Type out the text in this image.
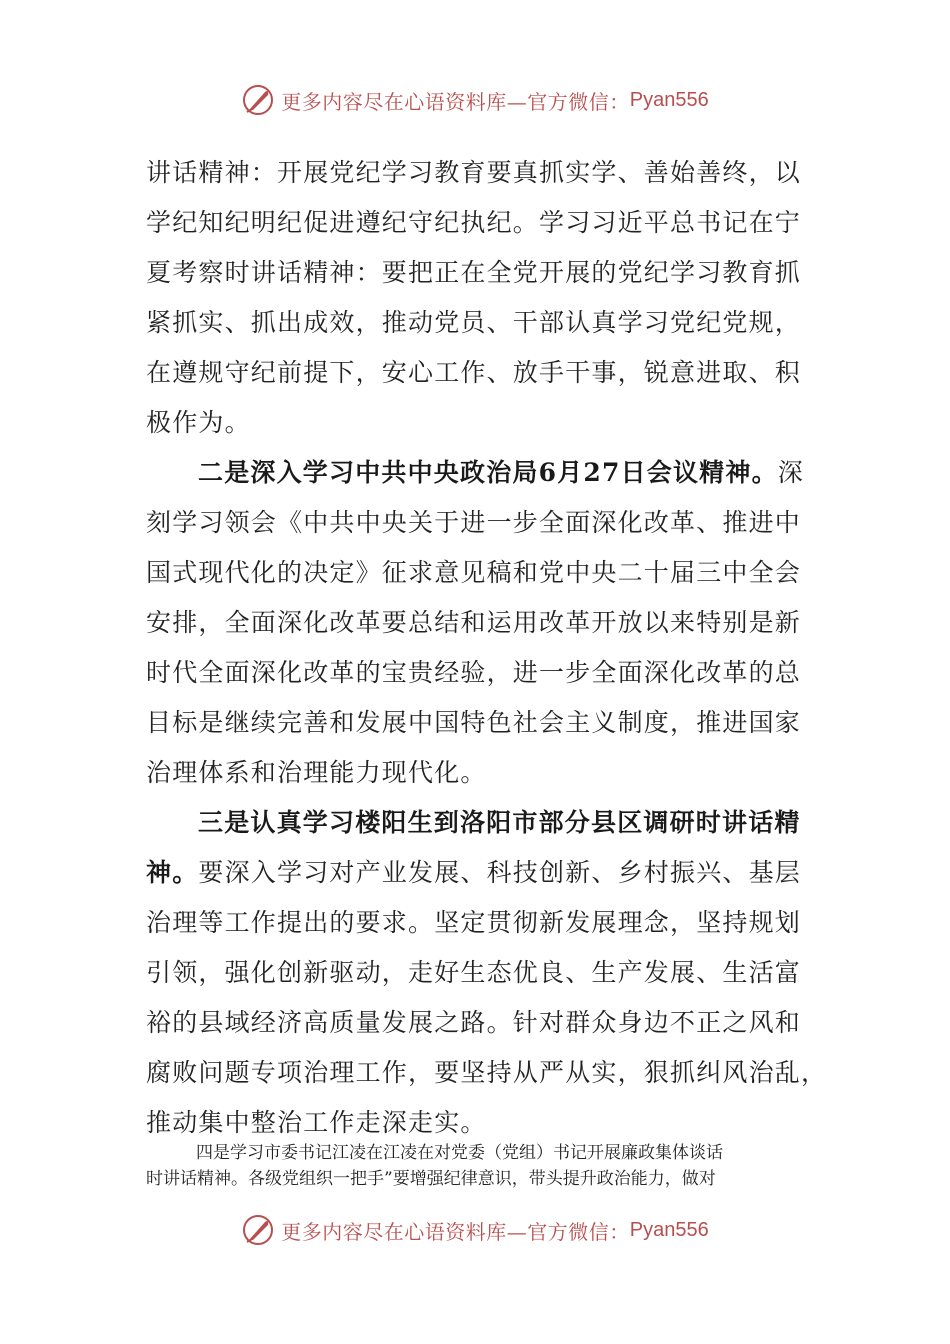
更多内容尽在心语资料库—官方微信： Pyan556
讲话精神：开展党纪学习教育要真抓实学、善始善终，以
学纪知纪明纪促进遵纪守纪执纪。学习习近平总书记在宁
夏考察时讲话精神：要把正在全党开展的党纪学习教育抓
紧抓实、抓出成效，推动党员、干部认真学习党纪党规，
在遵规守纪前提下，安心工作、放手干事，锐意进取、积
极作为。
二是深入学习中共中央政治局6月27日会议精神。深
刻学习领会《中共中央关于进一步全面深化改革、推进中
国式现代化的决定》征求意见稿和党中央二十届三中全会
安排，全面深化改革要总结和运用改革开放以来特别是新
时代全面深化改革的宝贵经验，进一步全面深化改革的总
目标是继续完善和发展中国特色社会主义制度，推进国家
治理体系和治理能力现代化。
三是认真学习楼阳生到洛阳市部分县区调研时讲话精
神。要深入学习对产业发展、科技创新、乡村振兴、基层
治理等工作提出的要求。坚定贯彻新发展理念，坚持规划
引领，强化创新驱动，走好生态优良、生产发展、生活富
裕的县域经济高质量发展之路。针对群众身边不正之风和
腐败问题专项治理工作，要坚持从严从实，狠抓纠风治乱，
推动集中整治工作走深走实。
四是学习市委书记江凌在江凌在对党委（党组）书记开展廉政集体谈话
时讲话精神。各级党组织一把手”要增强纪律意识，带头提升政治能力，做对
更多内容尽在心语资料库—官方微信： Pyan556
